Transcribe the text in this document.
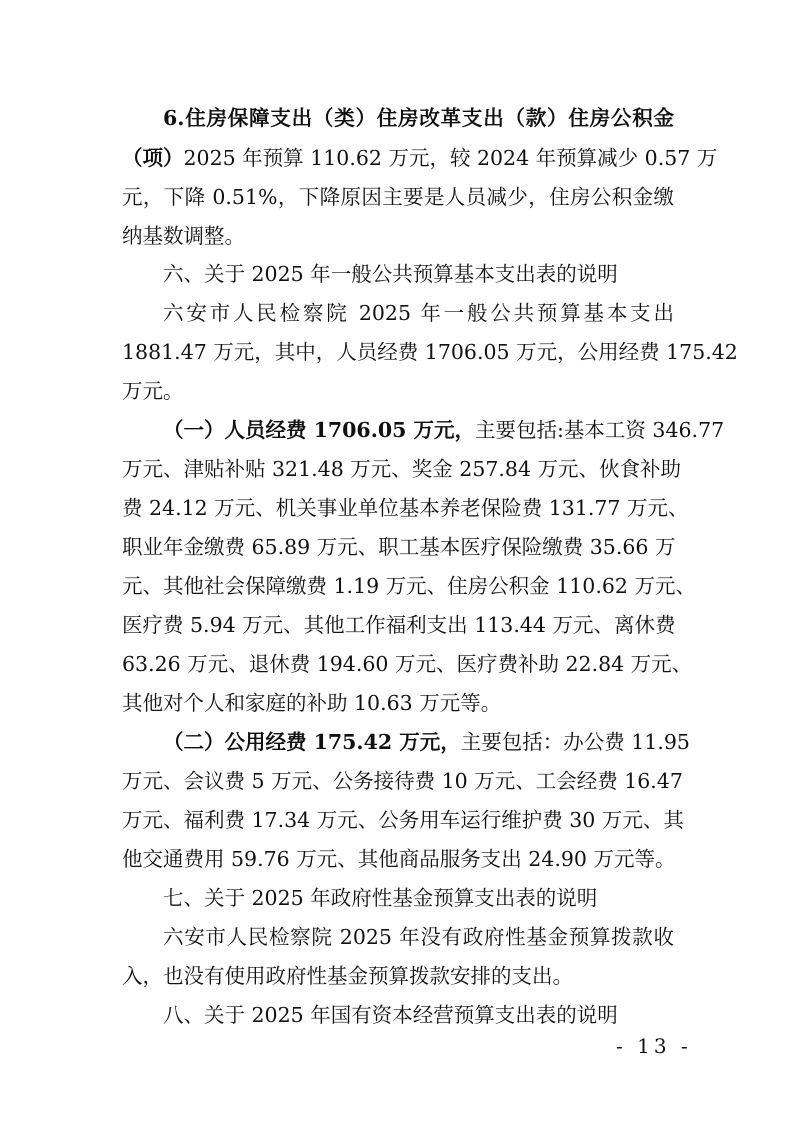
6.住房保障支出（类）住房改革支出（款）住房公积金
（项）2025 年预算 110.62 万元，较 2024 年预算减少 0.57 万
元，下降 0.51%，下降原因主要是人员减少，住房公积金缴
纳基数调整。
六、关于 2025 年一般公共预算基本支出表的说明
六安市人民检察院 2025 年一般公共预算基本支出
1881.47 万元，其中，人员经费 1706.05 万元，公用经费 175.42
万元。
（一）人员经费 1706.05 万元，主要包括:基本工资 346.77
万元、津贴补贴 321.48 万元、奖金 257.84 万元、伙食补助
费 24.12 万元、机关事业单位基本养老保险费 131.77 万元、
职业年金缴费 65.89 万元、职工基本医疗保险缴费 35.66 万
元、其他社会保障缴费 1.19 万元、住房公积金 110.62 万元、
医疗费 5.94 万元、其他工作福利支出 113.44 万元、离休费
63.26 万元、退休费 194.60 万元、医疗费补助 22.84 万元、
其他对个人和家庭的补助 10.63 万元等。
（二）公用经费 175.42 万元，主要包括：办公费 11.95
万元、会议费 5 万元、公务接待费 10 万元、工会经费 16.47
万元、福利费 17.34 万元、公务用车运行维护费 30 万元、其
他交通费用 59.76 万元、其他商品服务支出 24.90 万元等。
七、关于 2025 年政府性基金预算支出表的说明
六安市人民检察院 2025 年没有政府性基金预算拨款收
入，也没有使用政府性基金预算拨款安排的支出。
八、关于 2025 年国有资本经营预算支出表的说明
- 13 -
